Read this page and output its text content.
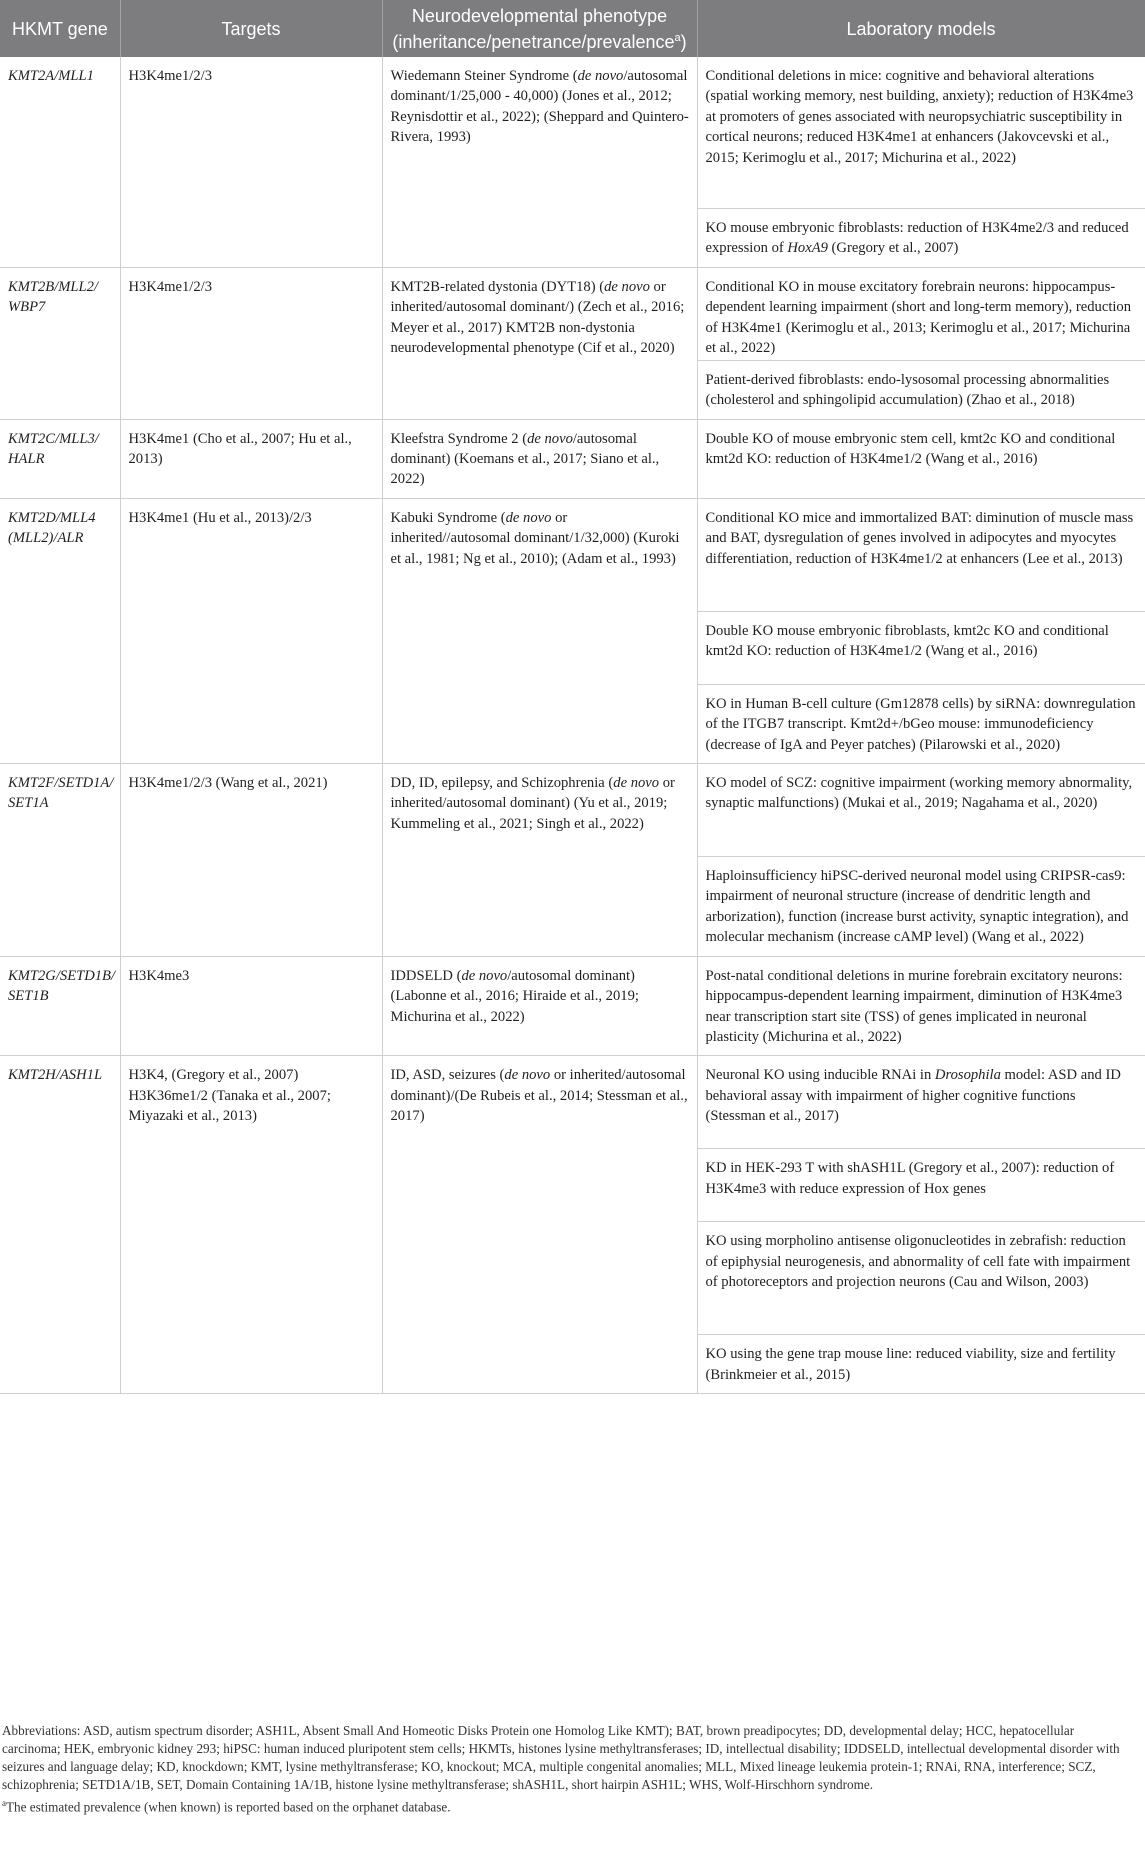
HKMT gene	Targets	Neurodevelopmental phenotype
(inheritance/penetrance/prevalence$^a$)	Laboratory models
KMT2A/MLL1	H3K4me1/2/3	Wiedemann Steiner Syndrome (de novo/autosomal dominant/1/25,000 - 40,000) (Jones et al., 2012; Reynisdottir et al., 2022); (Sheppard and Quintero-Rivera, 1993)	Conditional deletions in mice: cognitive and behavioral alterations (spatial working memory, nest building, anxiety); reduction of H3K4me3 at promoters of genes associated with neuropsychiatric susceptibility in cortical neurons; reduced H3K4me1 at enhancers (Jakovcevski et al., 2015; Kerimoglu et al., 2017; Michurina et al., 2022)
KO mouse embryonic fibroblasts: reduction of H3K4me2/3 and reduced expression of HoxA9 (Gregory et al., 2007)

KMT2B/MLL2/ WBP7	H3K4me1/2/3	KMT2B-related dystonia (DYT18) (de novo or inherited/autosomal dominant/) (Zech et al., 2016; Meyer et al., 2017) KMT2B non-dystonia neurodevelopmental phenotype (Cif et al., 2020)	Conditional KO in mouse excitatory forebrain neurons: hippocampus-dependent learning impairment (short and long-term memory), reduction of H3K4me1 (Kerimoglu et al., 2013; Kerimoglu et al., 2017; Michurina et al., 2022)
Patient-derived fibroblasts: endo-lysosomal processing abnormalities (cholesterol and sphingolipid accumulation) (Zhao et al., 2018)

KMT2C/MLL3/ HALR	H3K4me1 (Cho et al., 2007; Hu et al., 2013)	Kleefstra Syndrome 2 (de novo/autosomal dominant) (Koemans et al., 2017; Siano et al., 2022)	Double KO of mouse embryonic stem cell, kmt2c KO and conditional kmt2d KO: reduction of H3K4me1/2 (Wang et al., 2016)

KMT2D/MLL4 (MLL2)/ALR	H3K4me1 (Hu et al., 2013)/2/3	Kabuki Syndrome (de novo or inherited//autosomal dominant/1/32,000) (Kuroki et al., 1981; Ng et al., 2010); (Adam et al., 1993)	Conditional KO mice and immortalized BAT: diminution of muscle mass and BAT, dysregulation of genes involved in adipocytes and myocytes differentiation, reduction of H3K4me1/2 at enhancers (Lee et al., 2013)
Double KO mouse embryonic fibroblasts, kmt2c KO and conditional kmt2d KO: reduction of H3K4me1/2 (Wang et al., 2016)
KO in Human B-cell culture (Gm12878 cells) by siRNA: downregulation of the ITGB7 transcript. Kmt2d+/bGeo mouse: immunodeficiency (decrease of IgA and Peyer patches) (Pilarowski et al., 2020)

KMT2F/SETD1A/ SET1A	H3K4me1/2/3 (Wang et al., 2021)	DD, ID, epilepsy, and Schizophrenia (de novo or inherited/autosomal dominant) (Yu et al., 2019; Kummeling et al., 2021; Singh et al., 2022)	KO model of SCZ: cognitive impairment (working memory abnormality, synaptic malfunctions) (Mukai et al., 2019; Nagahama et al., 2020)
Haploinsufficiency hiPSC-derived neuronal model using CRIPSR-cas9: impairment of neuronal structure (increase of dendritic length and arborization), function (increase burst activity, synaptic integration), and molecular mechanism (increase cAMP level) (Wang et al., 2022)

KMT2G/SETD1B/ SET1B	H3K4me3	IDDSELD (de novo/autosomal dominant) (Labonne et al., 2016; Hiraide et al., 2019; Michurina et al., 2022)	Post-natal conditional deletions in murine forebrain excitatory neurons: hippocampus-dependent learning impairment, diminution of H3K4me3 near transcription start site (TSS) of genes implicated in neuronal plasticity (Michurina et al., 2022)

KMT2H/ASH1L	H3K4, (Gregory et al., 2007) H3K36me1/2 (Tanaka et al., 2007; Miyazaki et al., 2013)	ID, ASD, seizures (de novo or inherited/autosomal dominant)/(De Rubeis et al., 2014; Stessman et al., 2017)	Neuronal KO using inducible RNAi in Drosophila model: ASD and ID behavioral assay with impairment of higher cognitive functions (Stessman et al., 2017)
KD in HEK-293 T with shASH1L (Gregory et al., 2007): reduction of H3K4me3 with reduce expression of Hox genes
KO using morpholino antisense oligonucleotides in zebrafish: reduction of epiphysial neurogenesis, and abnormality of cell fate with impairment of photoreceptors and projection neurons (Cau and Wilson, 2003)
KO using the gene trap mouse line: reduced viability, size and fertility (Brinkmeier et al., 2015)

Abbreviations: ASD, autism spectrum disorder; ASH1L, Absent Small And Homeotic Disks Protein one Homolog Like KMT); BAT, brown preadipocytes; DD, developmental delay; HCC, hepatocellular carcinoma; HEK, embryonic kidney 293; hiPSC: human induced pluripotent stem cells; HKMTs, histones lysine methyltransferases; ID, intellectual disability; IDDSELD, intellectual developmental disorder with seizures and language delay; KD, knockdown; KMT, lysine methyltransferase; KO, knockout; MCA, multiple congenital anomalies; MLL, Mixed lineage leukemia protein-1; RNAi, RNA, interference; SCZ, schizophrenia; SETD1A/1B, SET, Domain Containing 1A/1B, histone lysine methyltransferase; shASH1L, short hairpin ASH1L; WHS, Wolf-Hirschhorn syndrome.

$^a$The estimated prevalence (when known) is reported based on the orphanet database.
